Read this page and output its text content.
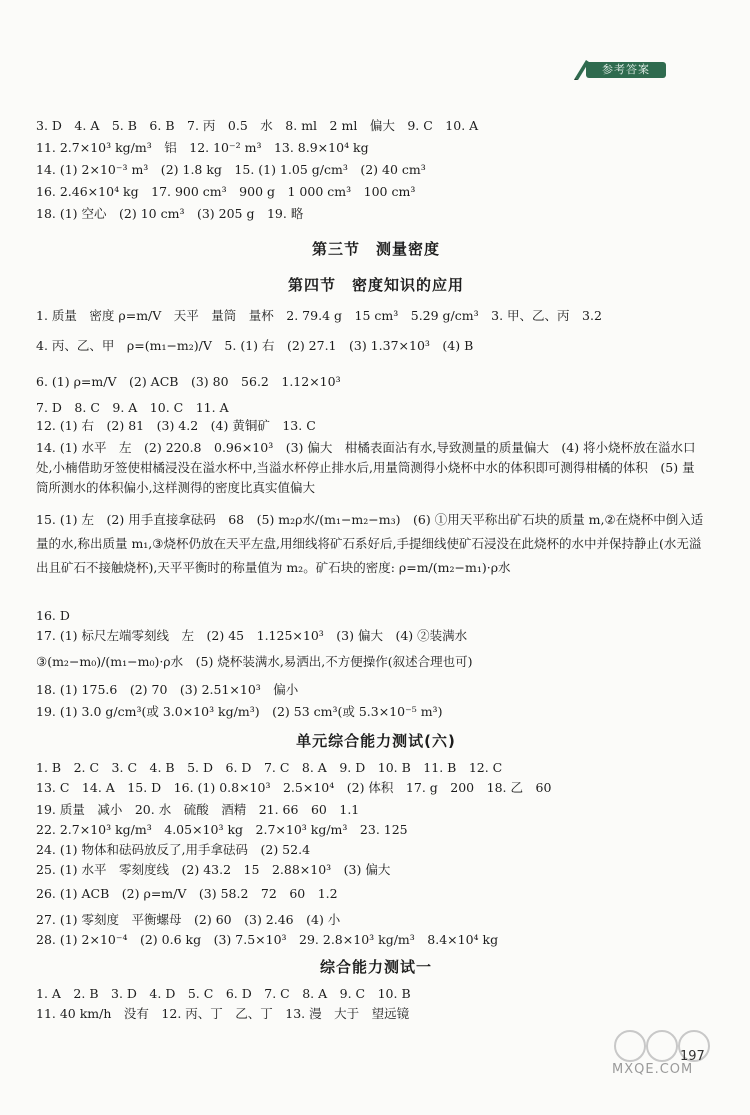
参考答案
3. D　4. A　5. B　6. B　7. 丙　0.5　水　8. ml　2 ml　偏大　9. C　10. A
11. 2.7×10³ kg/m³　铝　12. 10⁻² m³　13. 8.9×10⁴ kg
14. (1) 2×10⁻³ m³　(2) 1.8 kg　15. (1) 1.05 g/cm³　(2) 40 cm³
16. 2.46×10⁴ kg　17. 900 cm³　900 g　1 000 cm³　100 cm³
18. (1) 空心　(2) 10 cm³　(3) 205 g　19. 略
第三节　测量密度
第四节　密度知识的应用
1. 质量　密度 ρ=m/V　天平　量筒　量杯　2. 79.4 g　15 cm³　5.29 g/cm³　3. 甲、乙、丙　3.2
4. 丙、乙、甲　ρ=(m₁−m₂)/V　5. (1) 右　(2) 27.1　(3) 1.37×10³　(4) B
6. (1) ρ=m/V　(2) ACB　(3) 80　56.2　1.12×10³
7. D　8. C　9. A　10. C　11. A
12. (1) 右　(2) 81　(3) 4.2　(4) 黄铜矿　13. C
14. (1) 水平　左　(2) 220.8　0.96×10³　(3) 偏大　柑橘表面沾有水,导致测量的质量偏大　(4) 将小烧杯放在溢水口处,小楠借助牙签使柑橘浸没在溢水杯中,当溢水杯停止排水后,用量筒测得小烧杯中水的体积即可测得柑橘的体积　(5) 量筒所测水的体积偏小,这样测得的密度比真实值偏大
15. (1) 左　(2) 用手直接拿砝码　68　(5) m₂ρ水/(m₁−m₂−m₃)　(6) ①用天平称出矿石块的质量 m,②在烧杯中倒入适量的水,称出质量 m₁,③烧杯仍放在天平左盘,用细线将矿石系好后,手提细线使矿石浸没在此烧杯的水中并保持静止(水无溢出且矿石不接触烧杯),天平平衡时的称量值为 m₂。矿石块的密度: ρ=m/(m₂−m₁)·ρ水
16. D
17. (1) 标尺左端零刻线　左　(2) 45　1.125×10³　(3) 偏大　(4) ②装满水
③(m₂−m₀)/(m₁−m₀)·ρ水　(5) 烧杯装满水,易洒出,不方便操作(叙述合理也可)
18. (1) 175.6　(2) 70　(3) 2.51×10³　偏小
19. (1) 3.0 g/cm³(或 3.0×10³ kg/m³)　(2) 53 cm³(或 5.3×10⁻⁵ m³)
单元综合能力测试(六)
1. B　2. C　3. C　4. B　5. D　6. D　7. C　8. A　9. D　10. B　11. B　12. C
13. C　14. A　15. D　16. (1) 0.8×10³　2.5×10⁴　(2) 体积　17. g　200　18. 乙　60
19. 质量　减小　20. 水　硫酸　酒精　21. 66　60　1.1
22. 2.7×10³ kg/m³　4.05×10³ kg　2.7×10³ kg/m³　23. 125
24. (1) 物体和砝码放反了,用手拿砝码　(2) 52.4
25. (1) 水平　零刻度线　(2) 43.2　15　2.88×10³　(3) 偏大
26. (1) ACB　(2) ρ=m/V　(3) 58.2　72　60　1.2
27. (1) 零刻度　平衡螺母　(2) 60　(3) 2.46　(4) 小
28. (1) 2×10⁻⁴　(2) 0.6 kg　(3) 7.5×10³　29. 2.8×10³ kg/m³　8.4×10⁴ kg
综合能力测试一
1. A　2. B　3. D　4. D　5. C　6. D　7. C　8. A　9. C　10. B
11. 40 km/h　没有　12. 丙、丁　乙、丁　13. 漫　大于　望远镜
197
MXQE.COM
